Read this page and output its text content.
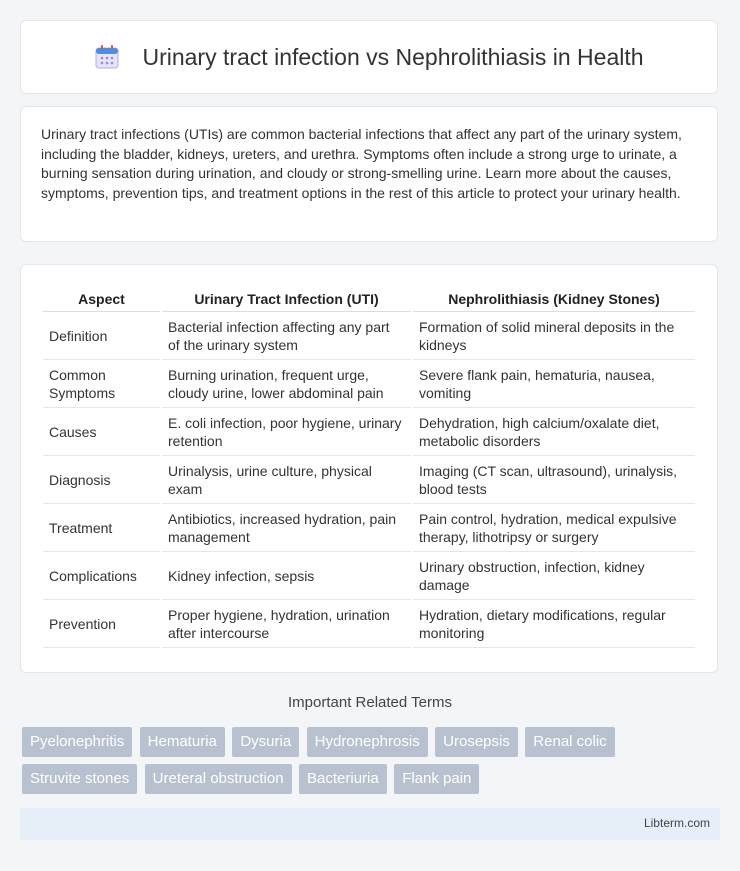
Urinary tract infection vs Nephrolithiasis in Health

Urinary tract infections (UTIs) are common bacterial infections that affect any part of the urinary system, including the bladder, kidneys, ureters, and urethra. Symptoms often include a strong urge to urinate, a burning sensation during urination, and cloudy or strong-smelling urine. Learn more about the causes, symptoms, prevention tips, and treatment options in the rest of this article to protect your urinary health.

Aspect	Urinary Tract Infection (UTI)	Nephrolithiasis (Kidney Stones)
Definition	Bacterial infection affecting any part of the urinary system	Formation of solid mineral deposits in the kidneys
Common Symptoms	Burning urination, frequent urge, cloudy urine, lower abdominal pain	Severe flank pain, hematuria, nausea, vomiting
Causes	E. coli infection, poor hygiene, urinary retention	Dehydration, high calcium/oxalate diet, metabolic disorders
Diagnosis	Urinalysis, urine culture, physical exam	Imaging (CT scan, ultrasound), urinalysis, blood tests
Treatment	Antibiotics, increased hydration, pain management	Pain control, hydration, medical expulsive therapy, lithotripsy or surgery
Complications	Kidney infection, sepsis	Urinary obstruction, infection, kidney damage
Prevention	Proper hygiene, hydration, urination after intercourse	Hydration, dietary modifications, regular monitoring
Important Related Terms
Pyelonephritis Hematuria Dysuria Hydronephrosis Urosepsis Renal colic Struvite stones Ureteral obstruction Bacteriuria Flank pain
Libterm.com
